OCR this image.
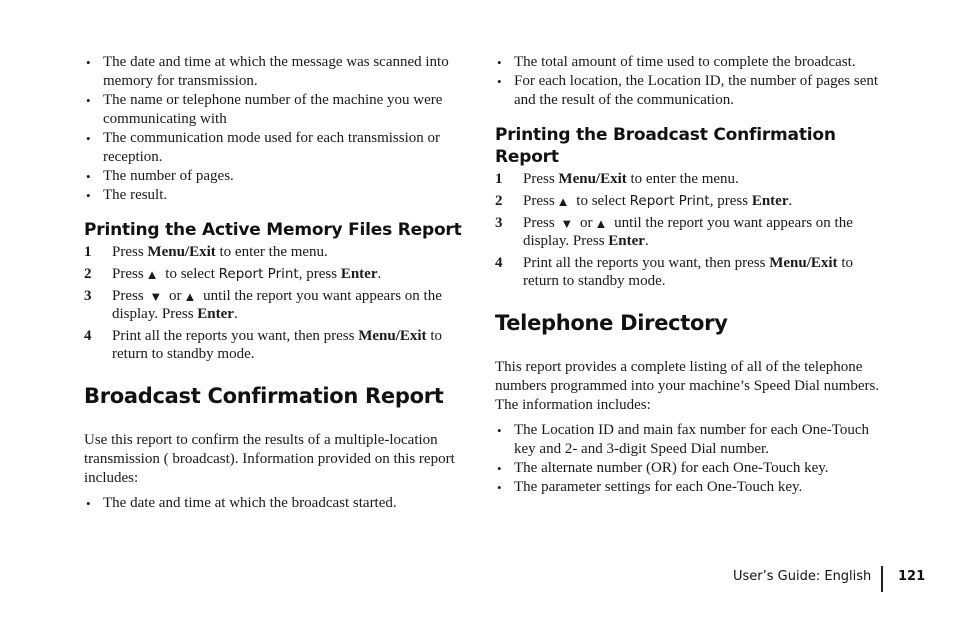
• The date and time at which the message was scanned into memory for transmission.
• The name or telephone number of the machine you were communicating with
• The communication mode used for each transmission or reception.
• The number of pages.
• The result.
Printing the Active Memory Files Report
1 Press Menu/Exit to enter the menu.
2 Press ▲ to select Report Print, press Enter.
3 Press ▼ or ▲ until the report you want appears on the display. Press Enter.
4 Print all the reports you want, then press Menu/Exit to return to standby mode.
Broadcast Confirmation Report

Use this report to confirm the results of a multiple-location transmission ( broadcast). Information provided on this report includes:

• The date and time at which the broadcast started.
• The total amount of time used to complete the broadcast.
• For each location, the Location ID, the number of pages sent and the result of the communication.
Printing the Broadcast Confirmation Report
1 Press Menu/Exit to enter the menu.
2 Press ▲ to select Report Print, press Enter.
3 Press ▼ or ▲ until the report you want appears on the display. Press Enter.
4 Print all the reports you want, then press Menu/Exit to return to standby mode.
Telephone Directory

This report provides a complete listing of all of the telephone numbers programmed into your machine’s Speed Dial numbers. The information includes:

• The Location ID and main fax number for each One-Touch key and 2- and 3-digit Speed Dial number.
• The alternate number (OR) for each One-Touch key.
• The parameter settings for each One-Touch key.
User’s Guide: English 121
